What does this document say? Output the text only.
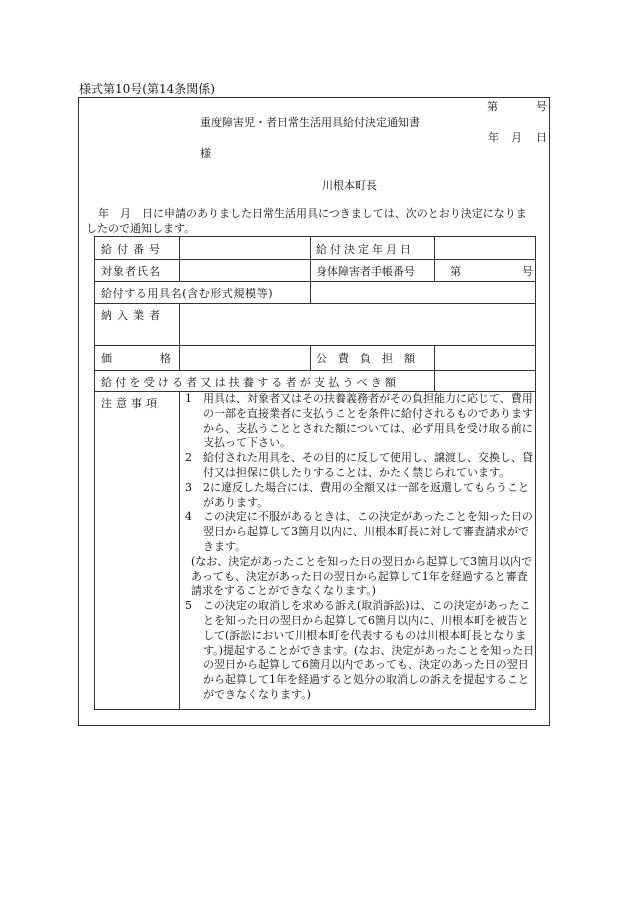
様式第10号(第14条関係)
第	号
重度障害児・者日常生活用具給付決定通知書
年 月 日
様
川根本町長
年　月　日に申請のありました日常生活用具につきましては、次のとおり決定になりま
したので通知します。
給付番号	給付決定年月日
対象者氏名	身体障害者手帳番号	第	号
給付する用具名(含む形式規模等)
納入業者
価格	公費負担額
給付を受ける者又は扶養する者が支払うべき額
注意事項 1 用具は、対象者又はその扶養義務者がその負担能力に応じて、費用の一部を直接業者に支払うことを条件に給付されるものでありますから、支払うこととされた額については、必ず用具を受け取る前に支払って下さい。
2 給付された用具を、その目的に反して使用し、譲渡し、交換し、貸付又は担保に供したりすることは、かたく禁じられています。
3 2に違反した場合には、費用の全額又は一部を返還してもらうことがあります。
4 この決定に不服があるときは、この決定があったことを知った日の翌日から起算して3箇月以内に、川根本町長に対して審査請求ができます。
(なお、決定があったことを知った日の翌日から起算して3箇月以内であっても、決定があった日の翌日から起算して1年を経過すると審査請求をすることができなくなります。)
5 この決定の取消しを求める訴え(取消訴訟)は、この決定があったことを知った日の翌日から起算して6箇月以内に、川根本町を被告として(訴訟において川根本町を代表するものは川根本町長となります。)提起することができます。(なお、決定があったことを知った日の翌日から起算して6箇月以内であっても、決定のあった日の翌日から起算して1年を経過すると処分の取消しの訴えを提起することができなくなります。)
